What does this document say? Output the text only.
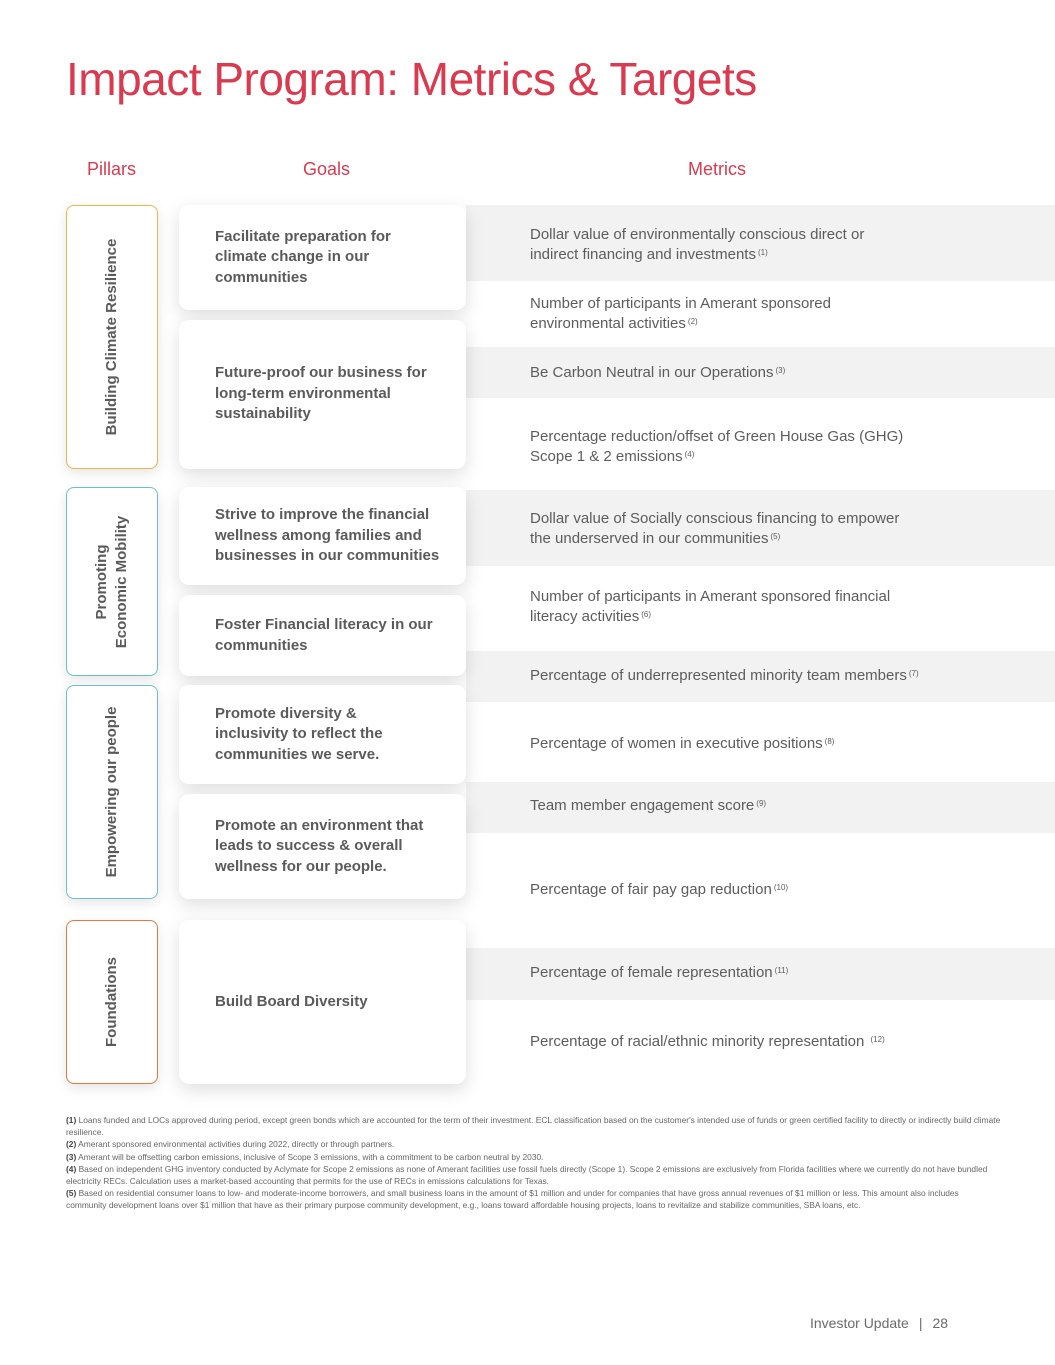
Impact Program: Metrics & Targets
Pillars	Goals	Metrics
Dollar value of environmentally conscious direct or
indirect financing and investments $^{(1)}$
Number of participants in Amerant sponsored
environmental activities $^{(2)}$
Be Carbon Neutral in our Operations $^{(3)}$
Percentage reduction/offset of Green House Gas (GHG)
Scope 1 & 2 emissions $^{(4)}$
Dollar value of Socially conscious financing to empower
the underserved in our communities $^{(5)}$
Number of participants in Amerant sponsored financial
literacy activities $^{(6)}$
Percentage of underrepresented minority team members $^{(7)}$
Percentage of women in executive positions $^{(8)}$
Team member engagement score $^{(9)}$
Percentage of fair pay gap reduction $^{(10)}$
Percentage of female representation $^{(11)}$
Percentage of racial/ethnic minority representation $^{(12)}$
Building Climate Resilience
Promoting Economic Mobility
Empowering our people
Foundations
Facilitate preparation for climate change in our communities
Future-proof our business for long-term environmental sustainability
Strive to improve the financial wellness among families and businesses in our communities
Foster Financial literacy in our communities
Promote diversity & inclusivity to reflect the communities we serve.
Promote an environment that leads to success & overall wellness for our people.
Build Board Diversity
(1) Loans funded and LOCs approved during period, except green bonds which are accounted for the term of their investment. ECL classification based on the customer's intended use of funds or green certified facility to directly or indirectly build climate resilience.
(2) Amerant sponsored environmental activities during 2022, directly or through partners.
(3) Amerant will be offsetting carbon emissions, inclusive of Scope 3 emissions, with a commitment to be carbon neutral by 2030.
(4) Based on independent GHG inventory conducted by Aclymate for Scope 2 emissions as none of Amerant facilities use fossil fuels directly (Scope 1). Scope 2 emissions are exclusively from Florida facilities where we currently do not have bundled electricity RECs. Calculation uses a market-based accounting that permits for the use of RECs in emissions calculations for Texas.
(5) Based on residential consumer loans to low- and moderate-income borrowers, and small business loans in the amount of $1 million and under for companies that have gross annual revenues of $1 million or less. This amount also includes community development loans over $1 million that have as their primary purpose community development, e.g., loans toward affordable housing projects, loans to revitalize and stabilize communities, SBA loans, etc.
Investor Update | 28
